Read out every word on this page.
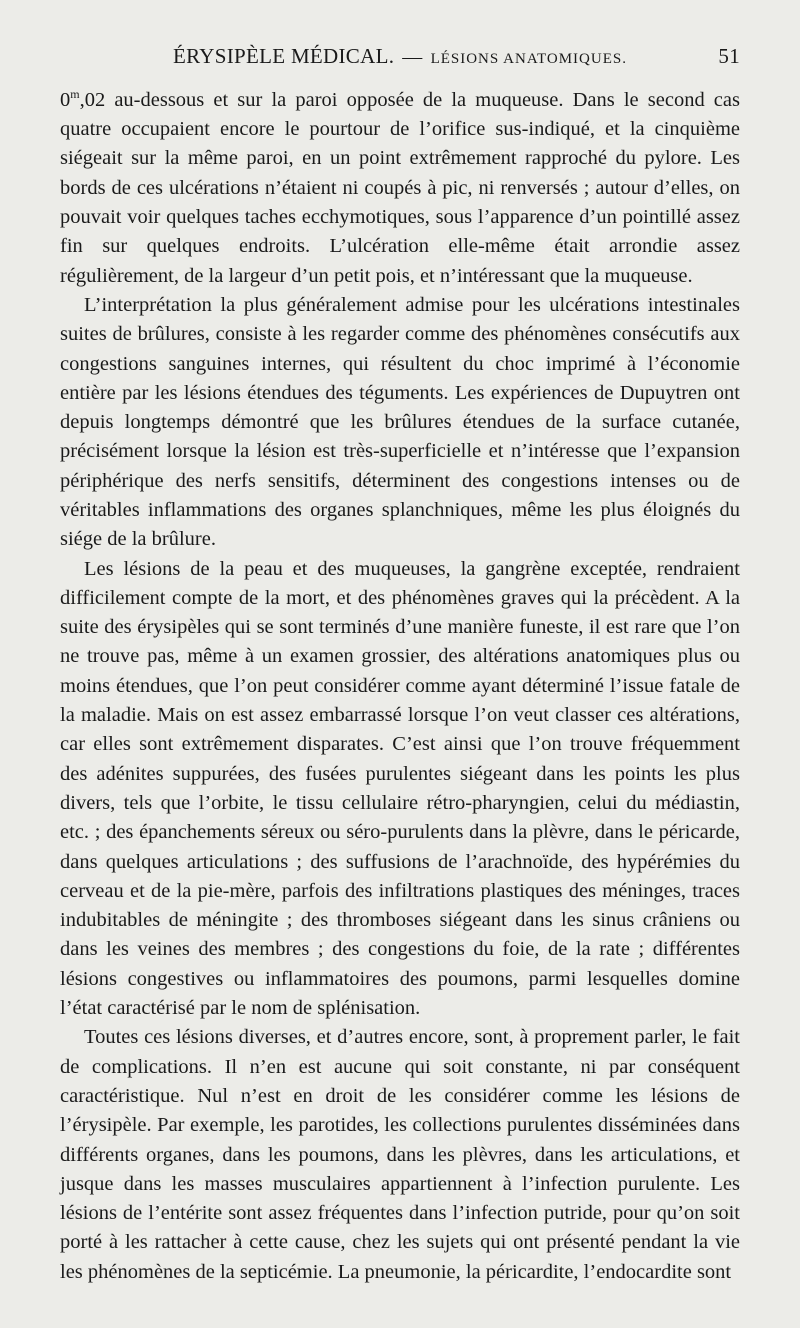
ÉRYSIPÈLE MÉDICAL. — LÉSIONS ANATOMIQUES.	51

0$^m$,02 au-dessous et sur la paroi opposée de la muqueuse. Dans le second cas quatre occupaient encore le pourtour de l’orifice sus-indiqué, et la cinquième siégeait sur la même paroi, en un point extrêmement rapproché du pylore. Les bords de ces ulcérations n’étaient ni coupés à pic, ni renversés ; autour d’elles, on pouvait voir quelques taches ecchymotiques, sous l’apparence d’un pointillé assez fin sur quelques endroits. L’ulcération elle-même était arrondie assez régulièrement, de la largeur d’un petit pois, et n’intéressant que la muqueuse.

L’interprétation la plus généralement admise pour les ulcérations intestinales suites de brûlures, consiste à les regarder comme des phénomènes consécutifs aux congestions sanguines internes, qui résultent du choc imprimé à l’économie entière par les lésions étendues des téguments. Les expériences de Dupuytren ont depuis longtemps démontré que les brûlures étendues de la surface cutanée, précisément lorsque la lésion est très-superficielle et n’intéresse que l’expansion périphérique des nerfs sensitifs, déterminent des congestions intenses ou de véritables inflammations des organes splanchniques, même les plus éloignés du siége de la brûlure.

Les lésions de la peau et des muqueuses, la gangrène exceptée, rendraient difficilement compte de la mort, et des phénomènes graves qui la précèdent. A la suite des érysipèles qui se sont terminés d’une manière funeste, il est rare que l’on ne trouve pas, même à un examen grossier, des altérations anatomiques plus ou moins étendues, que l’on peut considérer comme ayant déterminé l’issue fatale de la maladie. Mais on est assez embarrassé lorsque l’on veut classer ces altérations, car elles sont extrêmement disparates. C’est ainsi que l’on trouve fréquemment des adénites suppurées, des fusées purulentes siégeant dans les points les plus divers, tels que l’orbite, le tissu cellulaire rétro-pharyngien, celui du médiastin, etc. ; des épanchements séreux ou séro-purulents dans la plèvre, dans le péricarde, dans quelques articulations ; des suffusions de l’arachnoïde, des hypérémies du cerveau et de la pie-mère, parfois des infiltrations plastiques des méninges, traces indubitables de méningite ; des thromboses siégeant dans les sinus crâniens ou dans les veines des membres ; des congestions du foie, de la rate ; différentes lésions congestives ou inflammatoires des poumons, parmi lesquelles domine l’état caractérisé par le nom de splénisation.

Toutes ces lésions diverses, et d’autres encore, sont, à proprement parler, le fait de complications. Il n’en est aucune qui soit constante, ni par conséquent caractéristique. Nul n’est en droit de les considérer comme les lésions de l’érysipèle. Par exemple, les parotides, les collections purulentes disséminées dans différents organes, dans les poumons, dans les plèvres, dans les articulations, et jusque dans les masses musculaires appartiennent à l’infection purulente. Les lésions de l’entérite sont assez fréquentes dans l’infection putride, pour qu’on soit porté à les rattacher à cette cause, chez les sujets qui ont présenté pendant la vie les phénomènes de la septicémie. La pneumonie, la péricardite, l’endocardite sont
